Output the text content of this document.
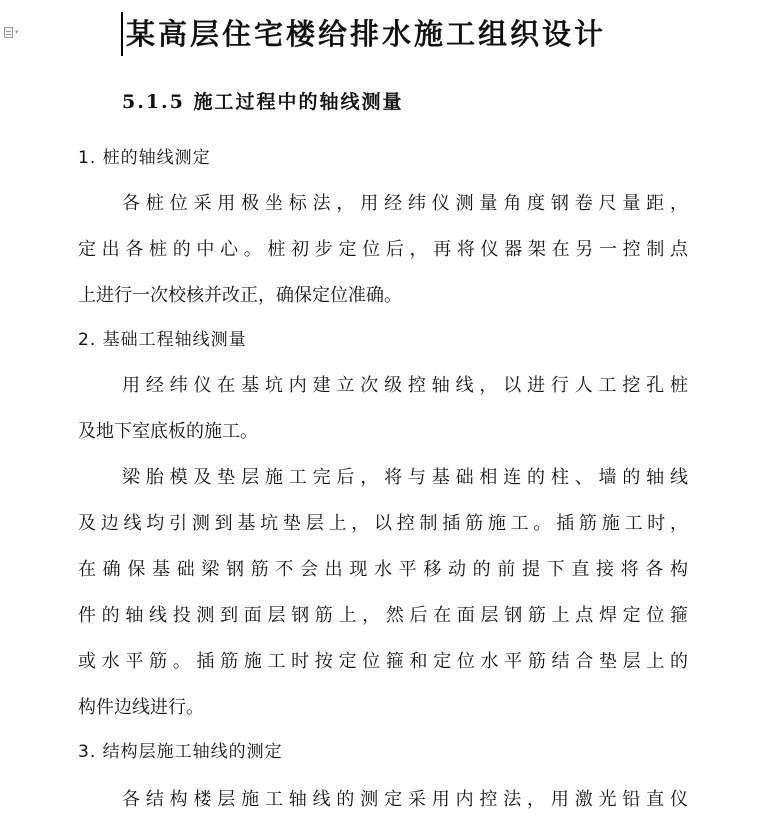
▾	某高层住宅楼给排水施工组织设计
5.1.5 施工过程中的轴线测量

1. 桩的轴线测定

各桩位采用极坐标法，用经纬仪测量角度钢卷尺量距，

定出各桩的中心。桩初步定位后，再将仪器架在另一控制点

上进行一次校核并改正，确保定位准确。

2. 基础工程轴线测量

用经纬仪在基坑内建立次级控轴线，以进行人工挖孔桩

及地下室底板的施工。

梁胎模及垫层施工完后，将与基础相连的柱、墙的轴线

及边线均引测到基坑垫层上，以控制插筋施工。插筋施工时，

在确保基础梁钢筋不会出现水平移动的前提下直接将各构

件的轴线投测到面层钢筋上，然后在面层钢筋上点焊定位箍

或水平筋。插筋施工时按定位箍和定位水平筋结合垫层上的

构件边线进行。

3. 结构层施工轴线的测定

各结构楼层施工轴线的测定采用内控法，用激光铅直仪
